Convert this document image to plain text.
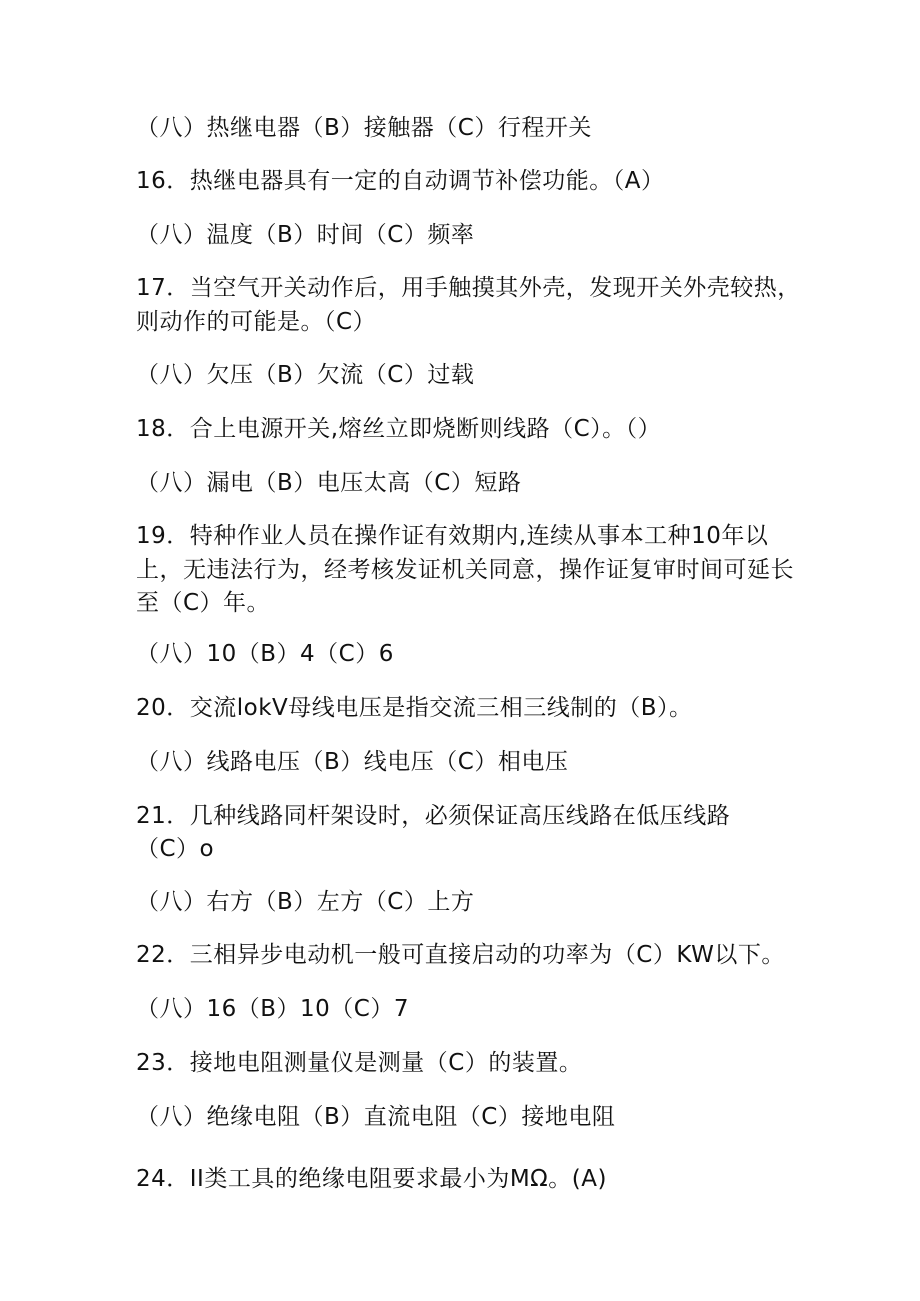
（八）热继电器（B）接触器（C）行程开关
16．热继电器具有一定的自动调节补偿功能。（A）
（八）温度（B）时间（C）频率
17．当空气开关动作后，用手触摸其外壳，发现开关外壳较热，
则动作的可能是。（C）
（八）欠压（B）欠流（C）过载
18．合上电源开关,熔丝立即烧断则线路（C）。（）
（八）漏电（B）电压太高（C）短路
19．特种作业人员在操作证有效期内,连续从事本工种10年以
上，无违法行为，经考核发证机关同意，操作证复审时间可延长
至（C）年。
（八）10（B）4（C）6
20．交流lokV母线电压是指交流三相三线制的（B）。
（八）线路电压（B）线电压（C）相电压
21．几种线路同杆架设时，必须保证高压线路在低压线路
（C）o
（八）右方（B）左方（C）上方
22．三相异步电动机一般可直接启动的功率为（C）KW以下。
（八）16（B）10（C）7
23．接地电阻测量仪是测量（C）的装置。
（八）绝缘电阻（B）直流电阻（C）接地电阻
24．II类工具的绝缘电阻要求最小为MΩ。(A)
